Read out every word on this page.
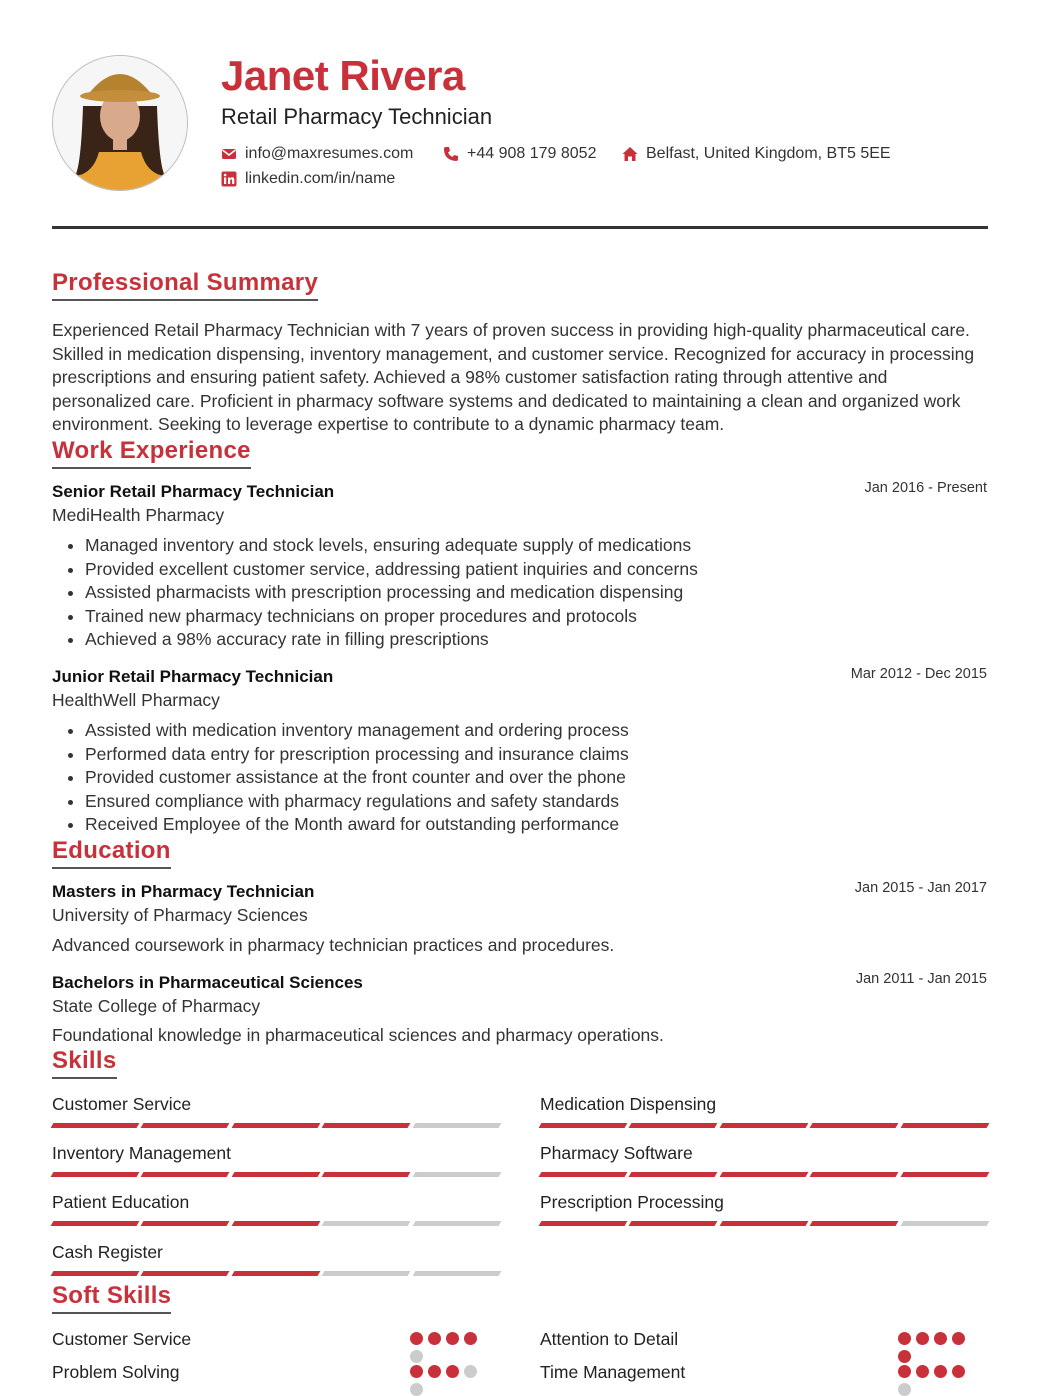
Janet Rivera
Retail Pharmacy Technician
info@maxresumes.com	+44 908 179 8052	Belfast, United Kingdom, BT5 5EE
linkedin.com/in/name
Professional Summary

Experienced Retail Pharmacy Technician with 7 years of proven success in providing high-quality pharmaceutical care. Skilled in medication dispensing, inventory management, and customer service. Recognized for accuracy in processing prescriptions and ensuring patient safety. Achieved a 98% customer satisfaction rating through attentive and personalized care. Proficient in pharmacy software systems and dedicated to maintaining a clean and organized work environment. Seeking to leverage expertise to contribute to a dynamic pharmacy team.

Work Experience
Senior Retail Pharmacy Technician	Jan 2016 - Present
MediHealth Pharmacy
• Managed inventory and stock levels, ensuring adequate supply of medications
• Provided excellent customer service, addressing patient inquiries and concerns
• Assisted pharmacists with prescription processing and medication dispensing
• Trained new pharmacy technicians on proper procedures and protocols
• Achieved a 98% accuracy rate in filling prescriptions
Junior Retail Pharmacy Technician	Mar 2012 - Dec 2015
HealthWell Pharmacy
• Assisted with medication inventory management and ordering process
• Performed data entry for prescription processing and insurance claims
• Provided customer assistance at the front counter and over the phone
• Ensured compliance with pharmacy regulations and safety standards
• Received Employee of the Month award for outstanding performance
Education
Masters in Pharmacy Technician	Jan 2015 - Jan 2017
University of Pharmacy Sciences
Advanced coursework in pharmacy technician practices and procedures.
Bachelors in Pharmaceutical Sciences	Jan 2011 - Jan 2015
State College of Pharmacy
Foundational knowledge in pharmaceutical sciences and pharmacy operations.
Skills
Customer Service	Medication Dispensing
Inventory Management	Pharmacy Software
Patient Education	Prescription Processing
Cash Register
Soft Skills
Customer Service	Attention to Detail
Problem Solving	Time Management
